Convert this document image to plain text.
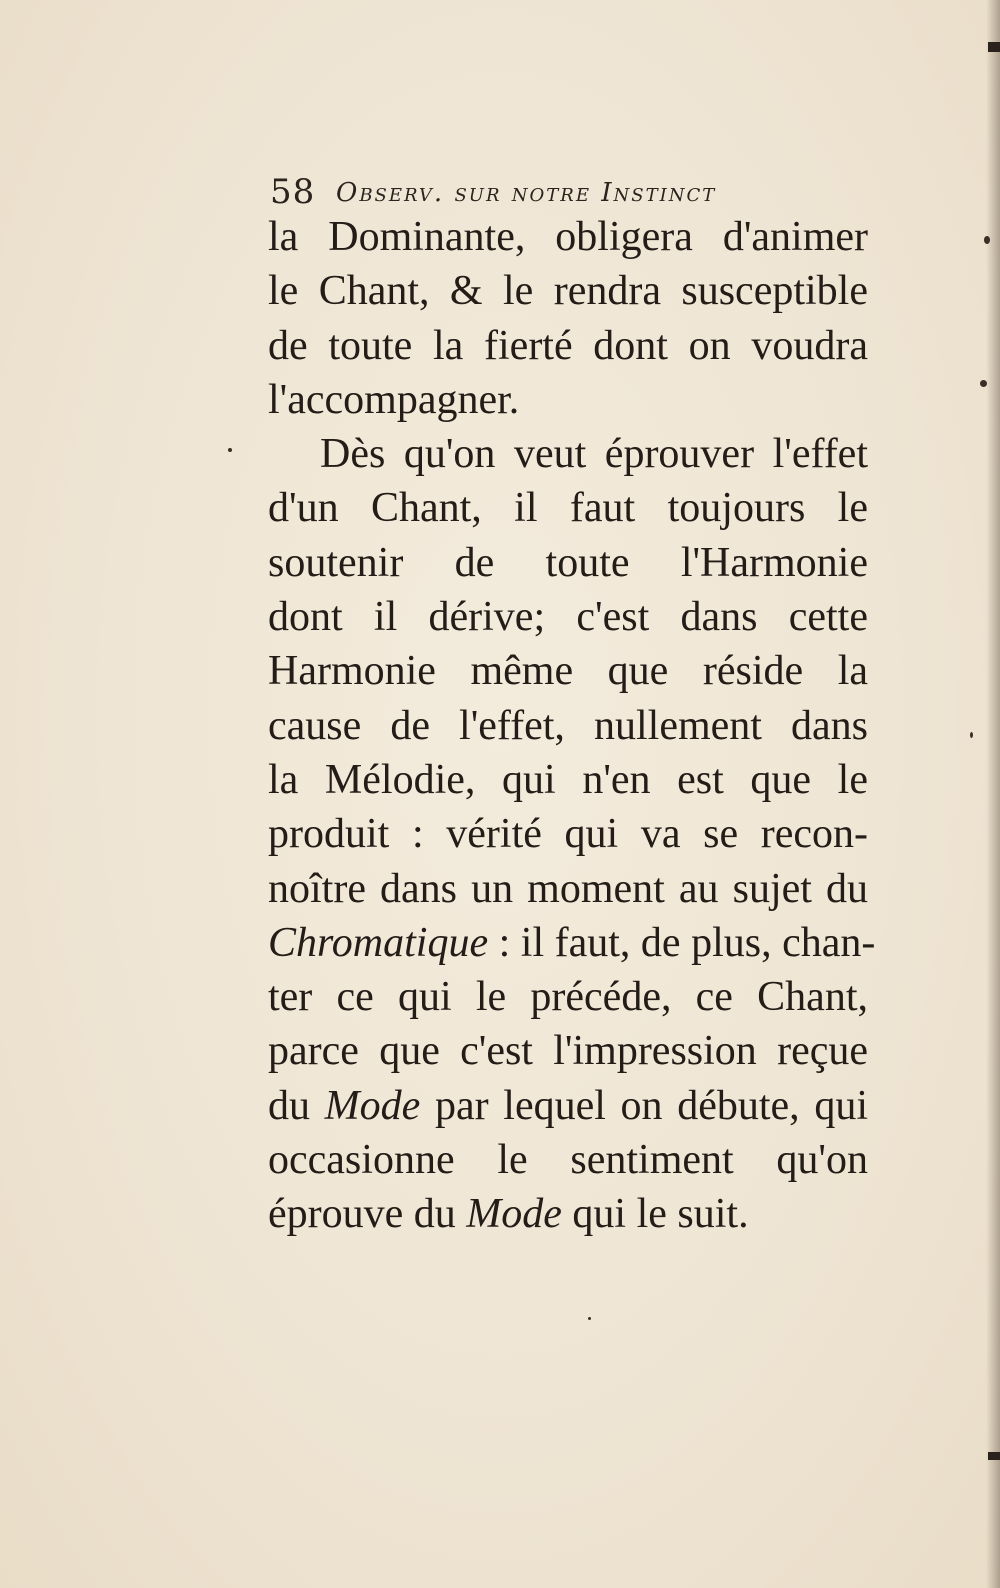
58 Observ. sur notre Instinct
la Dominante, obligera d'animer
le Chant, & le rendra susceptible
de toute la fierté dont on voudra
l'accompagner.
Dès qu'on veut éprouver l'effet
d'un Chant, il faut toujours le
soutenir de toute l'Harmonie
dont il dérive; c'est dans cette
Harmonie même que réside la
cause de l'effet, nullement dans
la Mélodie, qui n'en est que le
produit : vérité qui va se recon-
noître dans un moment au sujet du
Chromatique : il faut, de plus, chan-
ter ce qui le précéde, ce Chant,
parce que c'est l'impression reçue
du Mode par lequel on débute, qui
occasionne le sentiment qu'on
éprouve du Mode qui le suit.
